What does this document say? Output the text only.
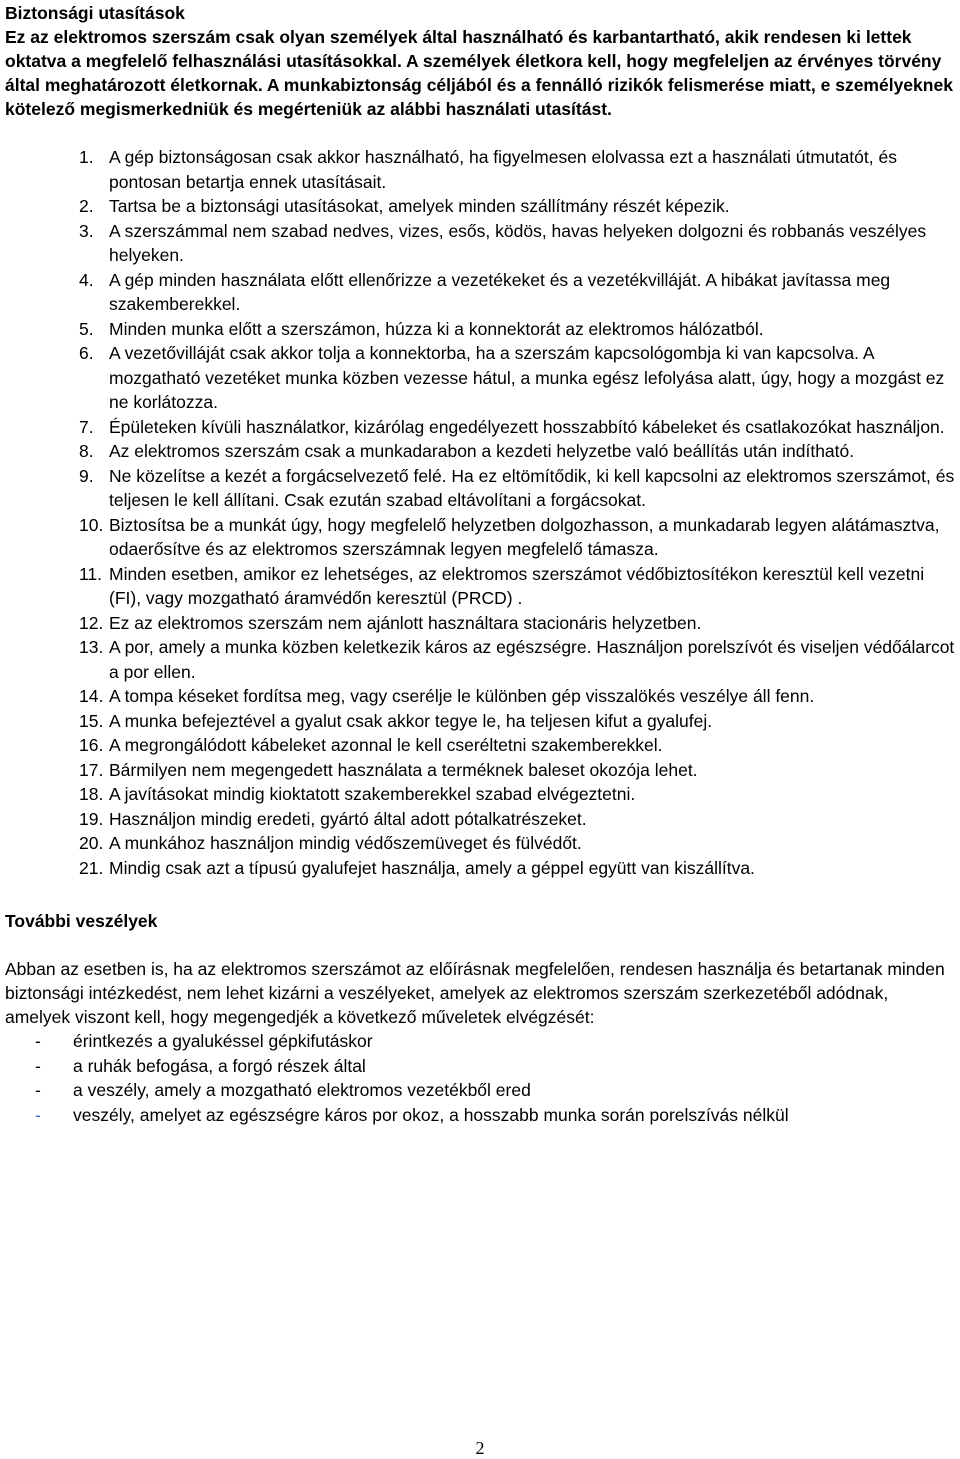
Biztonsági utasítások

Ez az elektromos szerszám csak olyan személyek által használható és karbantartható, akik rendesen ki lettek oktatva a megfelelő felhasználási utasításokkal. A személyek életkora kell, hogy megfeleljen az érvényes törvény által meghatározott életkornak. A munkabiztonság céljából és a fennálló rizikók felismerése miatt, e személyeknek kötelező megismerkedniük és megérteniük az alábbi használati utasítást.

1. A gép biztonságosan csak akkor használható, ha figyelmesen elolvassa ezt a használati útmutatót, és pontosan betartja ennek utasításait.
2. Tartsa be a biztonsági utasításokat, amelyek minden szállítmány részét képezik.
3. A szerszámmal nem szabad nedves, vizes, esős, ködös, havas helyeken dolgozni és robbanás veszélyes helyeken.
4. A gép minden használata előtt ellenőrizze a vezetékeket és a vezetékvilláját. A hibákat javítassa meg szakemberekkel.
5. Minden munka előtt a szerszámon, húzza ki a konnektorát az elektromos hálózatból.
6. A vezetővilláját csak akkor tolja a konnektorba, ha a szerszám kapcsológombja ki van kapcsolva. A mozgatható vezetéket munka közben vezesse hátul, a munka egész lefolyása alatt, úgy, hogy a mozgást ez ne korlátozza.
7. Épületeken kívüli használatkor, kizárólag engedélyezett hosszabbító kábeleket és csatlakozókat használjon.
8. Az elektromos szerszám csak a munkadarabon a kezdeti helyzetbe való beállítás után indítható.
9. Ne közelítse a kezét a forgácselvezető felé. Ha ez eltömítődik, ki kell kapcsolni az elektromos szerszámot, és teljesen le kell állítani. Csak ezután szabad eltávolítani a forgácsokat.
10. Biztosítsa be a munkát úgy, hogy megfelelő helyzetben dolgozhasson, a munkadarab legyen alátámasztva, odaerősítve és az elektromos szerszámnak legyen megfelelő támasza.
11. Minden esetben, amikor ez lehetséges, az elektromos szerszámot védőbiztosítékon keresztül kell vezetni (FI), vagy mozgatható áramvédőn keresztül (PRCD) .
12. Ez az elektromos szerszám nem ajánlott használtara stacionáris helyzetben.
13. A por, amely a munka közben keletkezik káros az egészségre. Használjon porelszívót és viseljen védőálarcot a por ellen.
14. A tompa késeket fordítsa meg, vagy cserélje le különben gép visszalökés veszélye áll fenn.
15. A munka befejeztével a gyalut csak akkor tegye le, ha teljesen kifut a gyalufej.
16. A megrongálódott kábeleket azonnal le kell cseréltetni szakemberekkel.
17. Bármilyen nem megengedett használata a terméknek baleset okozója lehet.
18. A javításokat mindig kioktatott szakemberekkel szabad elvégeztetni.
19. Használjon mindig eredeti, gyártó által adott pótalkatrészeket.
20. A munkához használjon mindig védőszemüveget és fülvédőt.
21. Mindig csak azt a típusú gyalufejet használja, amely a géppel együtt van kiszállítva.
További veszélyek

Abban az esetben is, ha az elektromos szerszámot az előírásnak megfelelően, rendesen használja és betartanak minden biztonsági intézkedést, nem lehet kizárni a veszélyeket, amelyek az elektromos szerszám szerkezetéből adódnak, amelyek viszont kell, hogy megengedjék a következő műveletek elvégzését:

-	érintkezés a gyalukéssel gépkifutáskor
-	a ruhák befogása, a forgó részek által
-	a veszély, amely a mozgatható elektromos vezetékből ered
-	veszély, amelyet az egészségre káros por okoz, a hosszabb munka során porelszívás nélkül
2
